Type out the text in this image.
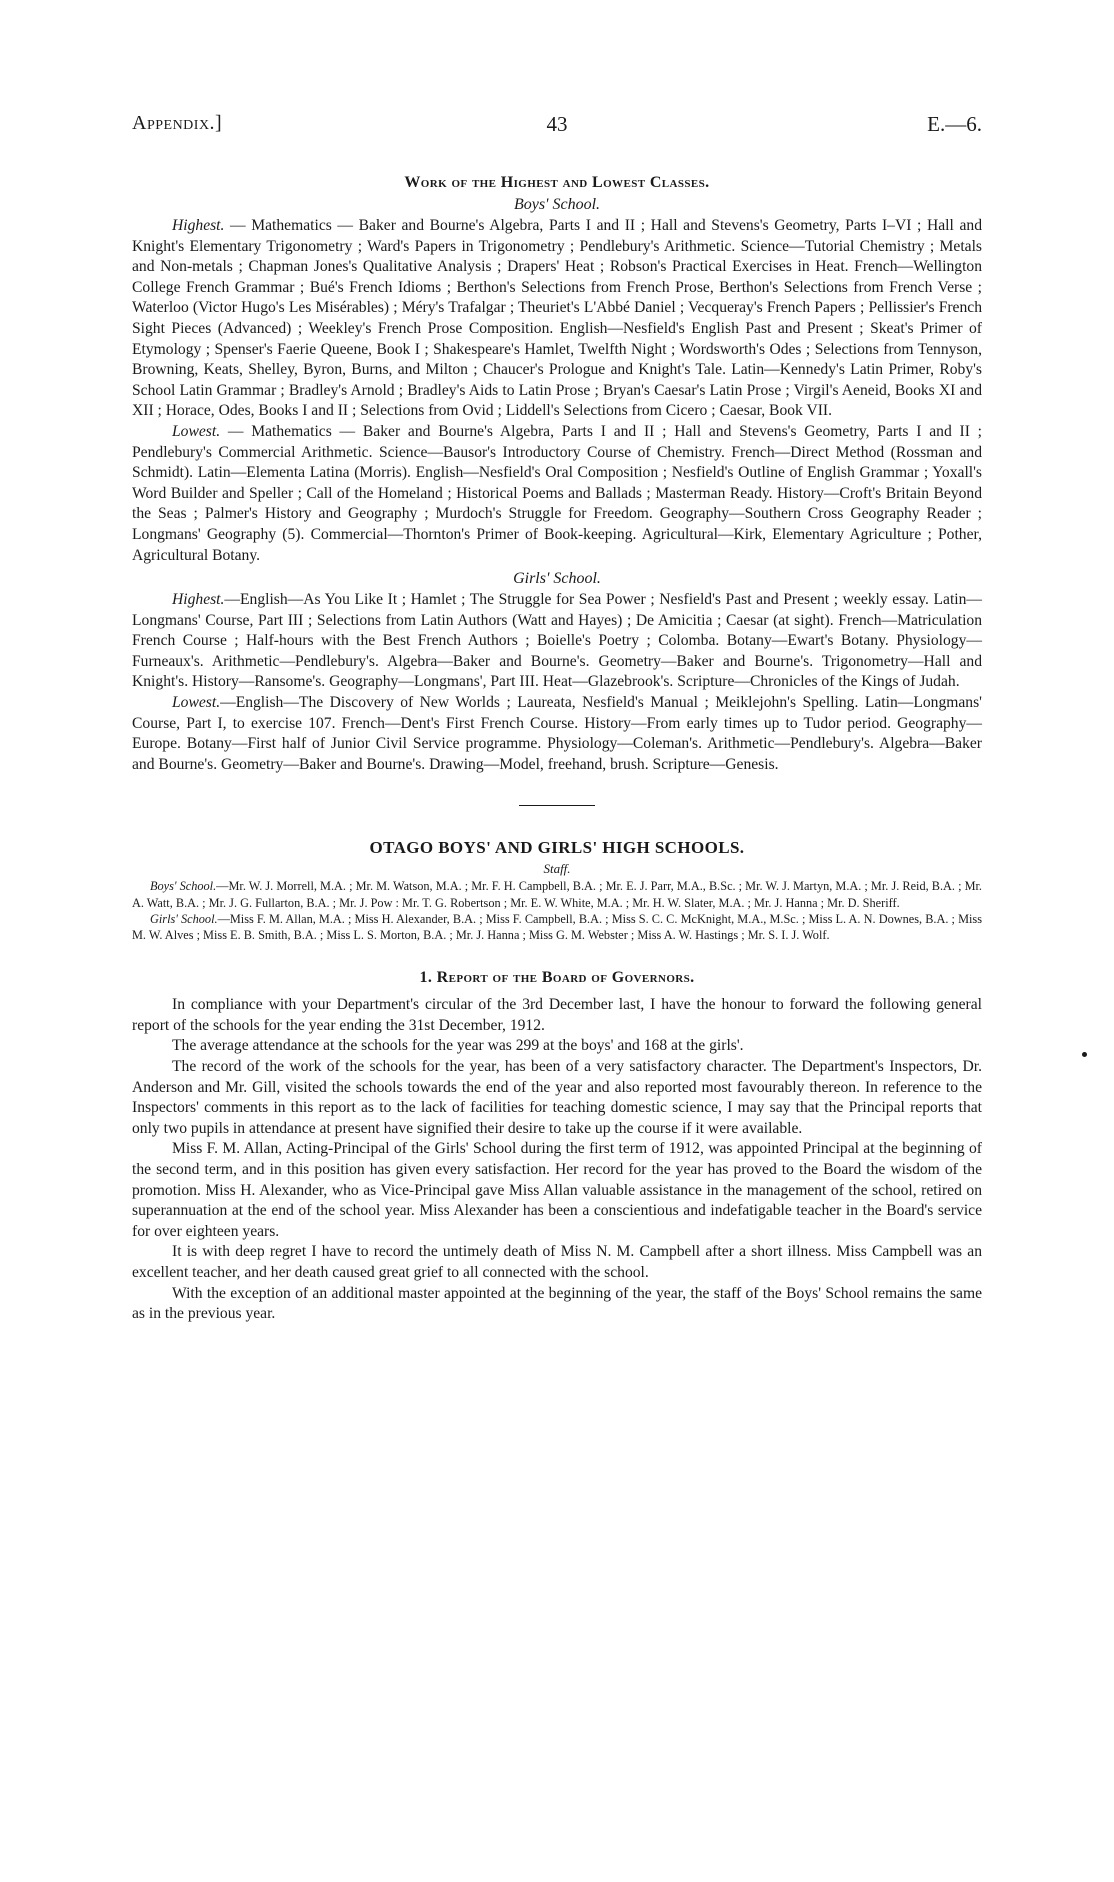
Appendix.]	43	E.—6.
Work of the Highest and Lowest Classes.
Boys' School.

Highest. — Mathematics — Baker and Bourne's Algebra, Parts I and II ; Hall and Stevens's Geometry, Parts I–VI ; Hall and Knight's Elementary Trigonometry ; Ward's Papers in Trigonometry ; Pendlebury's Arithmetic. Science—Tutorial Chemistry ; Metals and Non-metals ; Chapman Jones's Qualitative Analysis ; Drapers' Heat ; Robson's Practical Exercises in Heat. French—Wellington College French Grammar ; Bué's French Idioms ; Berthon's Selections from French Prose, Berthon's Selections from French Verse ; Waterloo (Victor Hugo's Les Misérables) ; Méry's Trafalgar ; Theuriet's L'Abbé Daniel ; Vecqueray's French Papers ; Pellissier's French Sight Pieces (Advanced) ; Weekley's French Prose Composition. English—Nesfield's English Past and Present ; Skeat's Primer of Etymology ; Spenser's Faerie Queene, Book I ; Shakespeare's Hamlet, Twelfth Night ; Wordsworth's Odes ; Selections from Tennyson, Browning, Keats, Shelley, Byron, Burns, and Milton ; Chaucer's Prologue and Knight's Tale. Latin—Kennedy's Latin Primer, Roby's School Latin Grammar ; Bradley's Arnold ; Bradley's Aids to Latin Prose ; Bryan's Caesar's Latin Prose ; Virgil's Aeneid, Books XI and XII ; Horace, Odes, Books I and II ; Selections from Ovid ; Liddell's Selections from Cicero ; Caesar, Book VII.

Lowest. — Mathematics — Baker and Bourne's Algebra, Parts I and II ; Hall and Stevens's Geometry, Parts I and II ; Pendlebury's Commercial Arithmetic. Science—Bausor's Introductory Course of Chemistry. French—Direct Method (Rossman and Schmidt). Latin—Elementa Latina (Morris). English—Nesfield's Oral Composition ; Nesfield's Outline of English Grammar ; Yoxall's Word Builder and Speller ; Call of the Homeland ; Historical Poems and Ballads ; Masterman Ready. History—Croft's Britain Beyond the Seas ; Palmer's History and Geography ; Murdoch's Struggle for Freedom. Geography—Southern Cross Geography Reader ; Longmans' Geography (5). Commercial—Thornton's Primer of Book-keeping. Agricultural—Kirk, Elementary Agriculture ; Pother, Agricultural Botany.

Girls' School.

Highest.—English—As You Like It ; Hamlet ; The Struggle for Sea Power ; Nesfield's Past and Present ; weekly essay. Latin—Longmans' Course, Part III ; Selections from Latin Authors (Watt and Hayes) ; De Amicitia ; Caesar (at sight). French—Matriculation French Course ; Half-hours with the Best French Authors ; Boielle's Poetry ; Colomba. Botany—Ewart's Botany. Physiology—Furneaux's. Arithmetic—Pendlebury's. Algebra—Baker and Bourne's. Geometry—Baker and Bourne's. Trigonometry—Hall and Knight's. History—Ransome's. Geography—Longmans', Part III. Heat—Glazebrook's. Scripture—Chronicles of the Kings of Judah.

Lowest.—English—The Discovery of New Worlds ; Laureata, Nesfield's Manual ; Meiklejohn's Spelling. Latin—Longmans' Course, Part I, to exercise 107. French—Dent's First French Course. History—From early times up to Tudor period. Geography—Europe. Botany—First half of Junior Civil Service programme. Physiology—Coleman's. Arithmetic—Pendlebury's. Algebra—Baker and Bourne's. Geometry—Baker and Bourne's. Drawing—Model, freehand, brush. Scripture—Genesis.

OTAGO BOYS' AND GIRLS' HIGH SCHOOLS.
Staff.

Boys' School.—Mr. W. J. Morrell, M.A. ; Mr. M. Watson, M.A. ; Mr. F. H. Campbell, B.A. ; Mr. E. J. Parr, M.A., B.Sc. ; Mr. W. J. Martyn, M.A. ; Mr. J. Reid, B.A. ; Mr. A. Watt, B.A. ; Mr. J. G. Fullarton, B.A. ; Mr. J. Pow : Mr. T. G. Robertson ; Mr. E. W. White, M.A. ; Mr. H. W. Slater, M.A. ; Mr. J. Hanna ; Mr. D. Sheriff.

Girls' School.—Miss F. M. Allan, M.A. ; Miss H. Alexander, B.A. ; Miss F. Campbell, B.A. ; Miss S. C. C. McKnight, M.A., M.Sc. ; Miss L. A. N. Downes, B.A. ; Miss M. W. Alves ; Miss E. B. Smith, B.A. ; Miss L. S. Morton, B.A. ; Mr. J. Hanna ; Miss G. M. Webster ; Miss A. W. Hastings ; Mr. S. I. J. Wolf.

1. Report of the Board of Governors.

In compliance with your Department's circular of the 3rd December last, I have the honour to forward the following general report of the schools for the year ending the 31st December, 1912.

The average attendance at the schools for the year was 299 at the boys' and 168 at the girls'.

The record of the work of the schools for the year, has been of a very satisfactory character. The Department's Inspectors, Dr. Anderson and Mr. Gill, visited the schools towards the end of the year and also reported most favourably thereon. In reference to the Inspectors' comments in this report as to the lack of facilities for teaching domestic science, I may say that the Principal reports that only two pupils in attendance at present have signified their desire to take up the course if it were available.

Miss F. M. Allan, Acting-Principal of the Girls' School during the first term of 1912, was appointed Principal at the beginning of the second term, and in this position has given every satisfaction. Her record for the year has proved to the Board the wisdom of the promotion. Miss H. Alexander, who as Vice-Principal gave Miss Allan valuable assistance in the management of the school, retired on superannuation at the end of the school year. Miss Alexander has been a conscientious and indefatigable teacher in the Board's service for over eighteen years.

It is with deep regret I have to record the untimely death of Miss N. M. Campbell after a short illness. Miss Campbell was an excellent teacher, and her death caused great grief to all connected with the school.

With the exception of an additional master appointed at the beginning of the year, the staff of the Boys' School remains the same as in the previous year.
